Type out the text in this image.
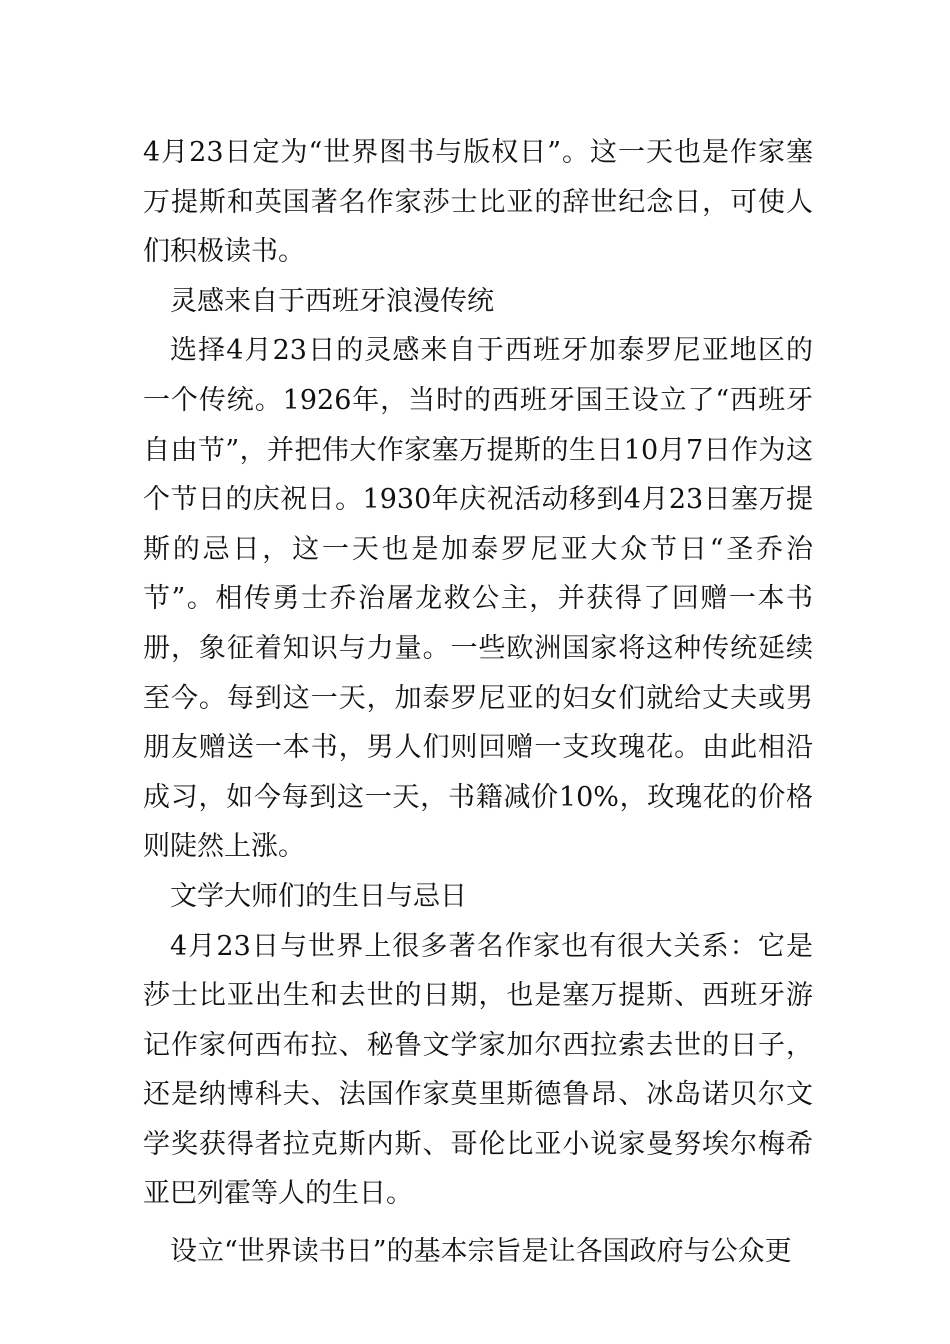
4月23日定为“世界图书与版权日”。这一天也是作家塞万提斯和英国著名作家莎士比亚的辞世纪念日，可使人们积极读书。

灵感来自于西班牙浪漫传统

选择4月23日的灵感来自于西班牙加泰罗尼亚地区的一个传统。1926年，当时的西班牙国王设立了“西班牙自由节”，并把伟大作家塞万提斯的生日10月7日作为这个节日的庆祝日。1930年庆祝活动移到4月23日塞万提斯的忌日，这一天也是加泰罗尼亚大众节日“圣乔治节”。相传勇士乔治屠龙救公主，并获得了回赠一本书册，象征着知识与力量。一些欧洲国家将这种传统延续至今。每到这一天，加泰罗尼亚的妇女们就给丈夫或男朋友赠送一本书，男人们则回赠一支玫瑰花。由此相沿成习，如今每到这一天，书籍减价10%，玫瑰花的价格则陡然上涨。

文学大师们的生日与忌日

4月23日与世界上很多著名作家也有很大关系：它是莎士比亚出生和去世的日期，也是塞万提斯、西班牙游记作家何西布拉、秘鲁文学家加尔西拉索去世的日子，还是纳博科夫、法国作家莫里斯德鲁昂、冰岛诺贝尔文学奖获得者拉克斯内斯、哥伦比亚小说家曼努埃尔梅希亚巴列霍等人的生日。

设立“世界读书日”的基本宗旨是让各国政府与公众更
